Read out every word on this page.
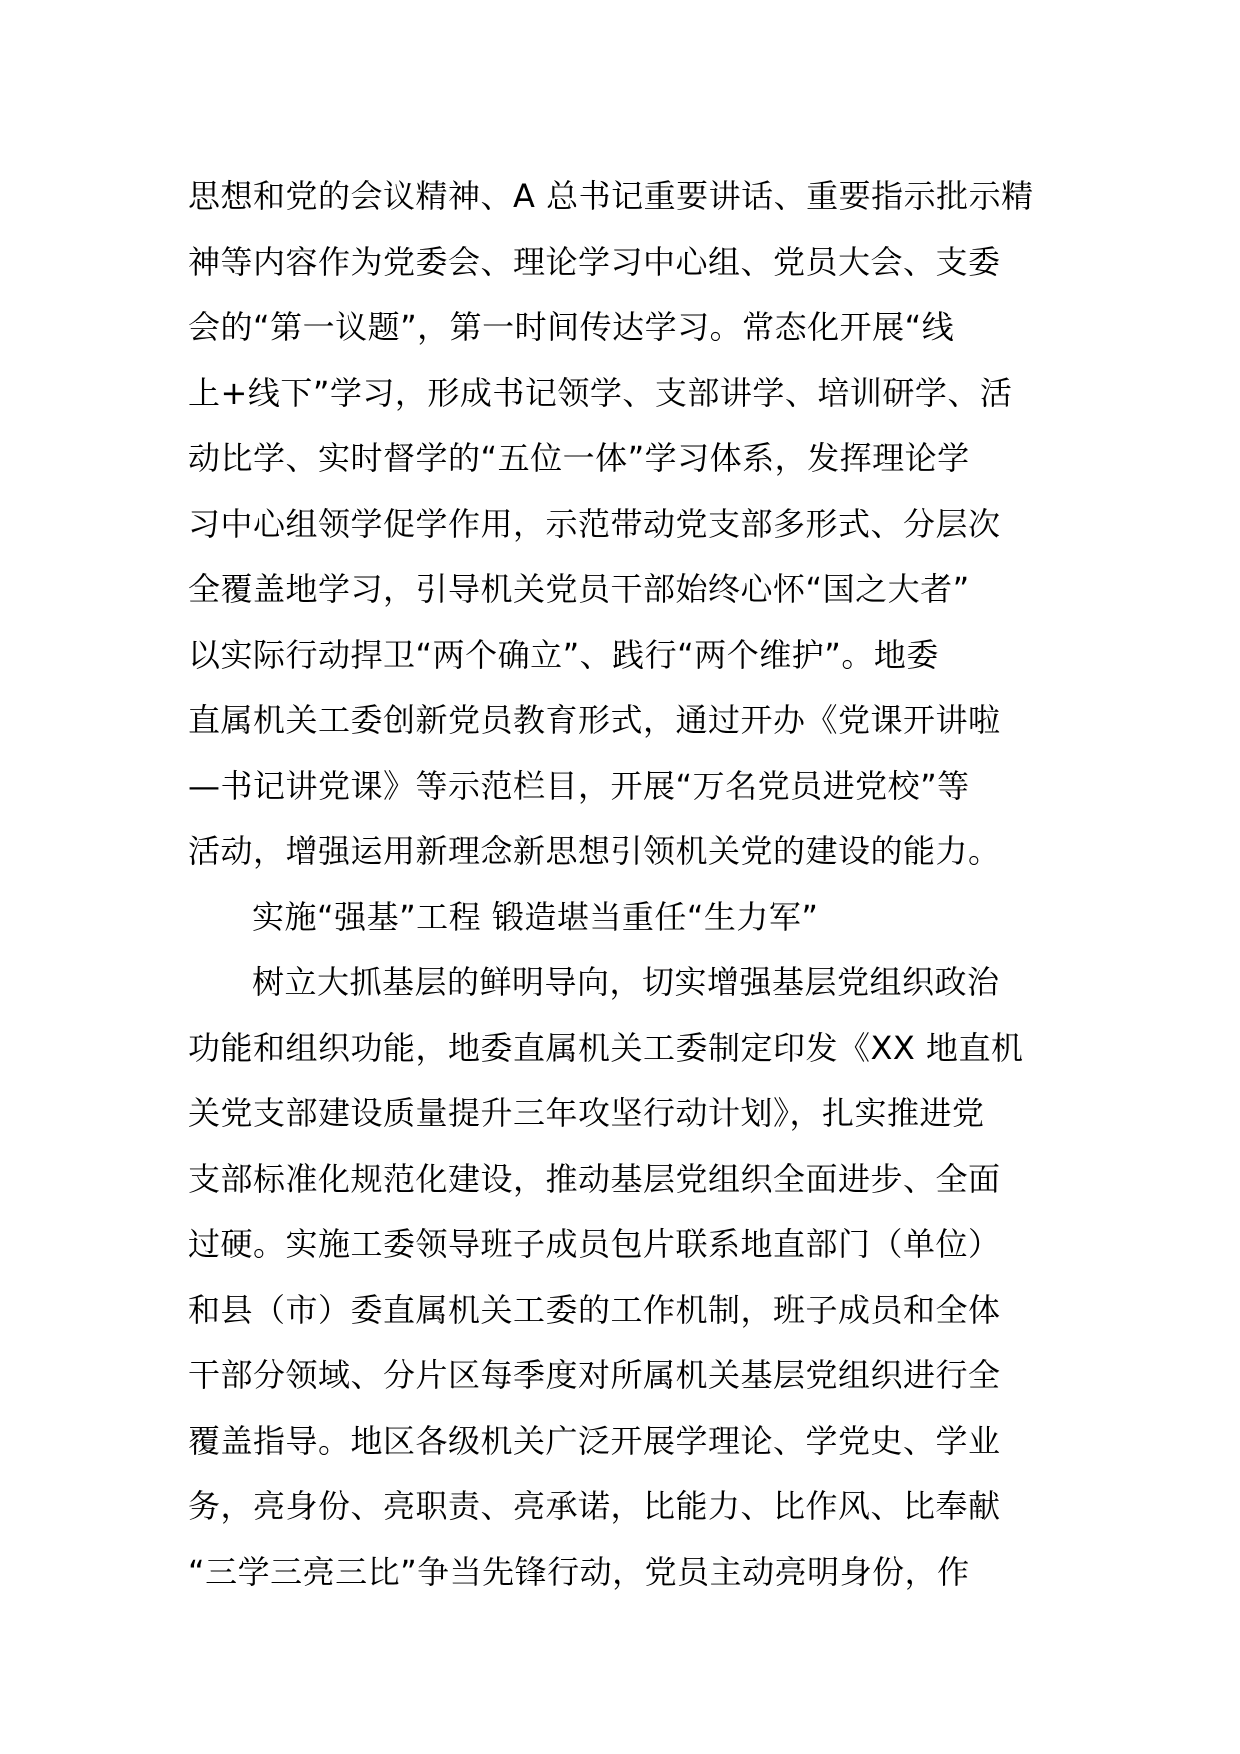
思想和党的会议精神、A 总书记重要讲话、重要指示批示精
神等内容作为党委会、理论学习中心组、党员大会、支委
会的“第一议题”，第一时间传达学习。常态化开展“线
上+线下”学习，形成书记领学、支部讲学、培训研学、活
动比学、实时督学的“五位一体”学习体系，发挥理论学
习中心组领学促学作用，示范带动党支部多形式、分层次
全覆盖地学习，引导机关党员干部始终心怀“国之大者”
以实际行动捍卫“两个确立”、践行“两个维护”。地委
直属机关工委创新党员教育形式，通过开办《党课开讲啦
—书记讲党课》等示范栏目，开展“万名党员进党校”等
活动，增强运用新理念新思想引领机关党的建设的能力。
实施“强基”工程 锻造堪当重任“生力军”
树立大抓基层的鲜明导向，切实增强基层党组织政治
功能和组织功能，地委直属机关工委制定印发《XX 地直机
关党支部建设质量提升三年攻坚行动计划》，扎实推进党
支部标准化规范化建设，推动基层党组织全面进步、全面
过硬。实施工委领导班子成员包片联系地直部门（单位）
和县（市）委直属机关工委的工作机制，班子成员和全体
干部分领域、分片区每季度对所属机关基层党组织进行全
覆盖指导。地区各级机关广泛开展学理论、学党史、学业
务，亮身份、亮职责、亮承诺，比能力、比作风、比奉献
“三学三亮三比”争当先锋行动，党员主动亮明身份，作
